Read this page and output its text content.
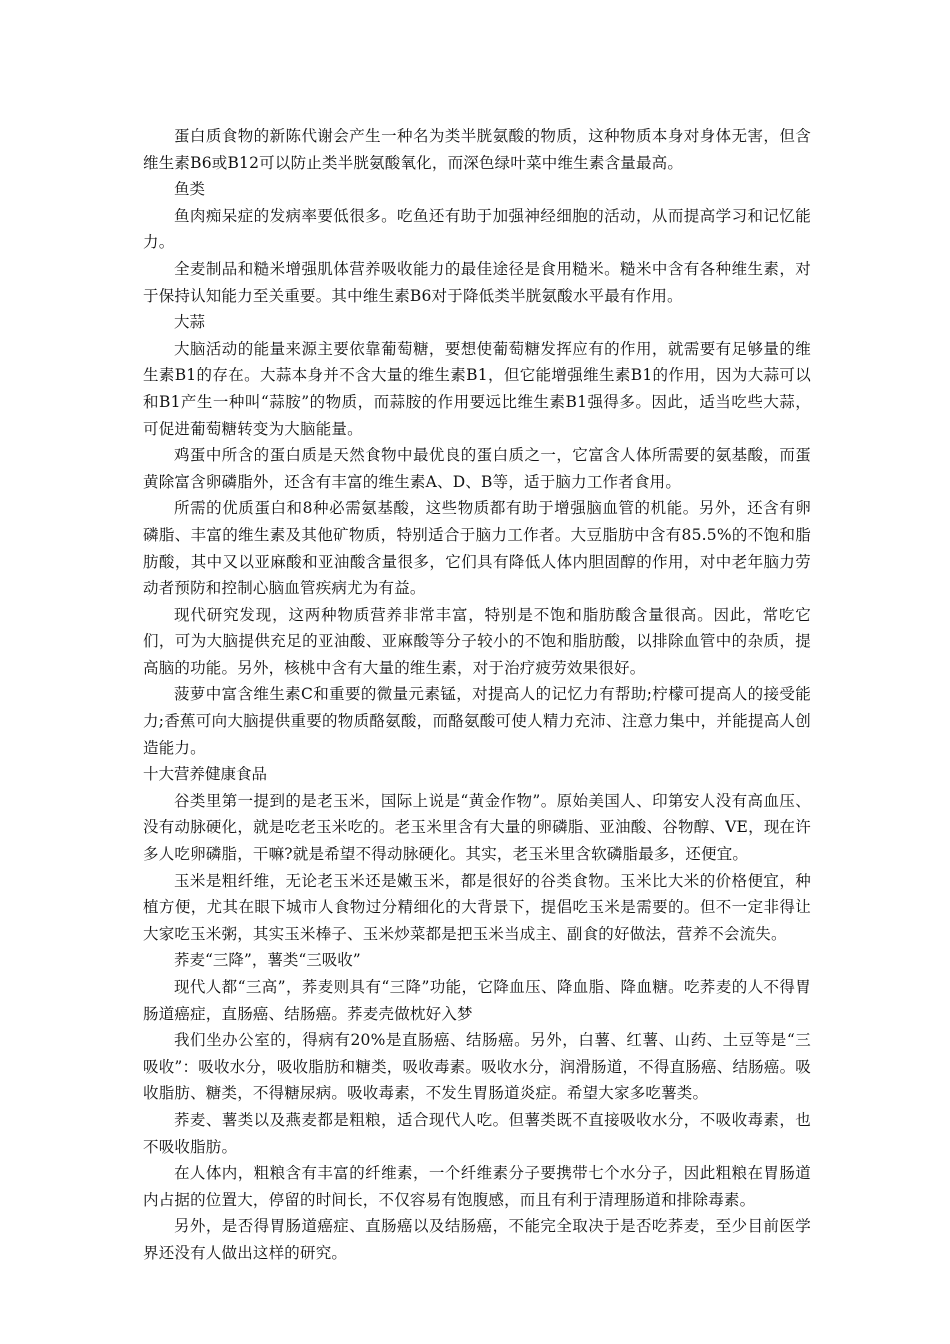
蛋白质食物的新陈代谢会产生一种名为类半胱氨酸的物质，这种物质本身对身体无害，但含维生素B6或B12可以防止类半胱氨酸氧化，而深色绿叶菜中维生素含量最高。

鱼类

鱼肉痴呆症的发病率要低很多。吃鱼还有助于加强神经细胞的活动，从而提高学习和记忆能力。

全麦制品和糙米增强肌体营养吸收能力的最佳途径是食用糙米。糙米中含有各种维生素，对于保持认知能力至关重要。其中维生素B6对于降低类半胱氨酸水平最有作用。

大蒜

大脑活动的能量来源主要依靠葡萄糖，要想使葡萄糖发挥应有的作用，就需要有足够量的维生素B1的存在。大蒜本身并不含大量的维生素B1，但它能增强维生素B1的作用，因为大蒜可以和B1产生一种叫“蒜胺”的物质，而蒜胺的作用要远比维生素B1强得多。因此，适当吃些大蒜，可促进葡萄糖转变为大脑能量。

鸡蛋中所含的蛋白质是天然食物中最优良的蛋白质之一，它富含人体所需要的氨基酸，而蛋黄除富含卵磷脂外，还含有丰富的维生素A、D、B等，适于脑力工作者食用。

所需的优质蛋白和8种必需氨基酸，这些物质都有助于增强脑血管的机能。另外，还含有卵磷脂、丰富的维生素及其他矿物质，特别适合于脑力工作者。大豆脂肪中含有85.5%的不饱和脂肪酸，其中又以亚麻酸和亚油酸含量很多，它们具有降低人体内胆固醇的作用，对中老年脑力劳动者预防和控制心脑血管疾病尤为有益。

现代研究发现，这两种物质营养非常丰富，特别是不饱和脂肪酸含量很高。因此，常吃它们，可为大脑提供充足的亚油酸、亚麻酸等分子较小的不饱和脂肪酸，以排除血管中的杂质，提高脑的功能。另外，核桃中含有大量的维生素，对于治疗疲劳效果很好。

菠萝中富含维生素C和重要的微量元素锰，对提高人的记忆力有帮助;柠檬可提高人的接受能力;香蕉可向大脑提供重要的物质酪氨酸，而酪氨酸可使人精力充沛、注意力集中，并能提高人创造能力。

十大营养健康食品

谷类里第一提到的是老玉米，国际上说是“黄金作物”。原始美国人、印第安人没有高血压、没有动脉硬化，就是吃老玉米吃的。老玉米里含有大量的卵磷脂、亚油酸、谷物醇、VE，现在许多人吃卵磷脂，干嘛?就是希望不得动脉硬化。其实，老玉米里含软磷脂最多，还便宜。

玉米是粗纤维，无论老玉米还是嫩玉米，都是很好的谷类食物。玉米比大米的价格便宜，种植方便，尤其在眼下城市人食物过分精细化的大背景下，提倡吃玉米是需要的。但不一定非得让大家吃玉米粥，其实玉米棒子、玉米炒菜都是把玉米当成主、副食的好做法，营养不会流失。

荞麦“三降”，薯类“三吸收”

现代人都“三高”，荞麦则具有“三降”功能，它降血压、降血脂、降血糖。吃荞麦的人不得胃肠道癌症，直肠癌、结肠癌。荞麦壳做枕好入梦

我们坐办公室的，得病有20%是直肠癌、结肠癌。另外，白薯、红薯、山药、土豆等是“三吸收”：吸收水分，吸收脂肪和糖类，吸收毒素。吸收水分，润滑肠道，不得直肠癌、结肠癌。吸收脂肪、糖类，不得糖尿病。吸收毒素，不发生胃肠道炎症。希望大家多吃薯类。

荞麦、薯类以及燕麦都是粗粮，适合现代人吃。但薯类既不直接吸收水分，不吸收毒素，也不吸收脂肪。

在人体内，粗粮含有丰富的纤维素，一个纤维素分子要携带七个水分子，因此粗粮在胃肠道内占据的位置大，停留的时间长，不仅容易有饱腹感，而且有利于清理肠道和排除毒素。

另外，是否得胃肠道癌症、直肠癌以及结肠癌，不能完全取决于是否吃荞麦，至少目前医学界还没有人做出这样的研究。
